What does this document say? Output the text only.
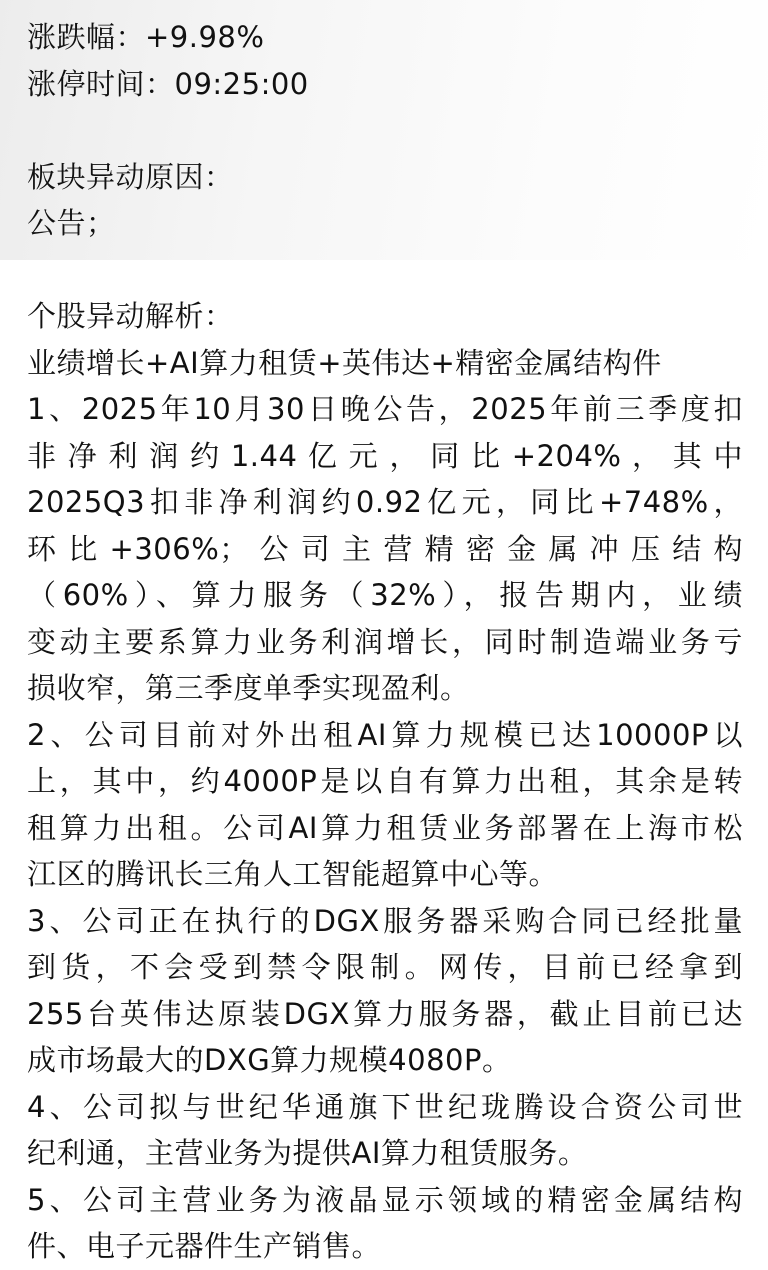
涨跌幅：+9.98%
涨停时间：09:25:00
板块异动原因：
公告；
个股异动解析：
业绩增长+AI算力租赁+英伟达+精密金属结构件
1、2025年10月30日晚公告，2025年前三季度扣
非 净 利 润 约 1.44 亿 元 ， 同 比 +204% ， 其 中
2025Q3扣非净利润约0.92亿元，同比+748%，
环 比 +306%； 公 司 主 营 精 密 金 属 冲 压 结 构
（60%）、算力服务（32%），报告期内，业绩
变动主要系算力业务利润增长，同时制造端业务亏
损收窄，第三季度单季实现盈利。
2、公司目前对外出租AI算力规模已达10000P以
上，其中，约4000P是以自有算力出租，其余是转
租算力出租。公司AI算力租赁业务部署在上海市松
江区的腾讯长三角人工智能超算中心等。
3、公司正在执行的DGX服务器采购合同已经批量
到货，不会受到禁令限制。网传，目前已经拿到
255台英伟达原装DGX算力服务器，截止目前已达
成市场最大的DXG算力规模4080P。
4、公司拟与世纪华通旗下世纪珑腾设合资公司世
纪利通，主营业务为提供AI算力租赁服务。
5、公司主营业务为液晶显示领域的精密金属结构
件、电子元器件生产销售。
